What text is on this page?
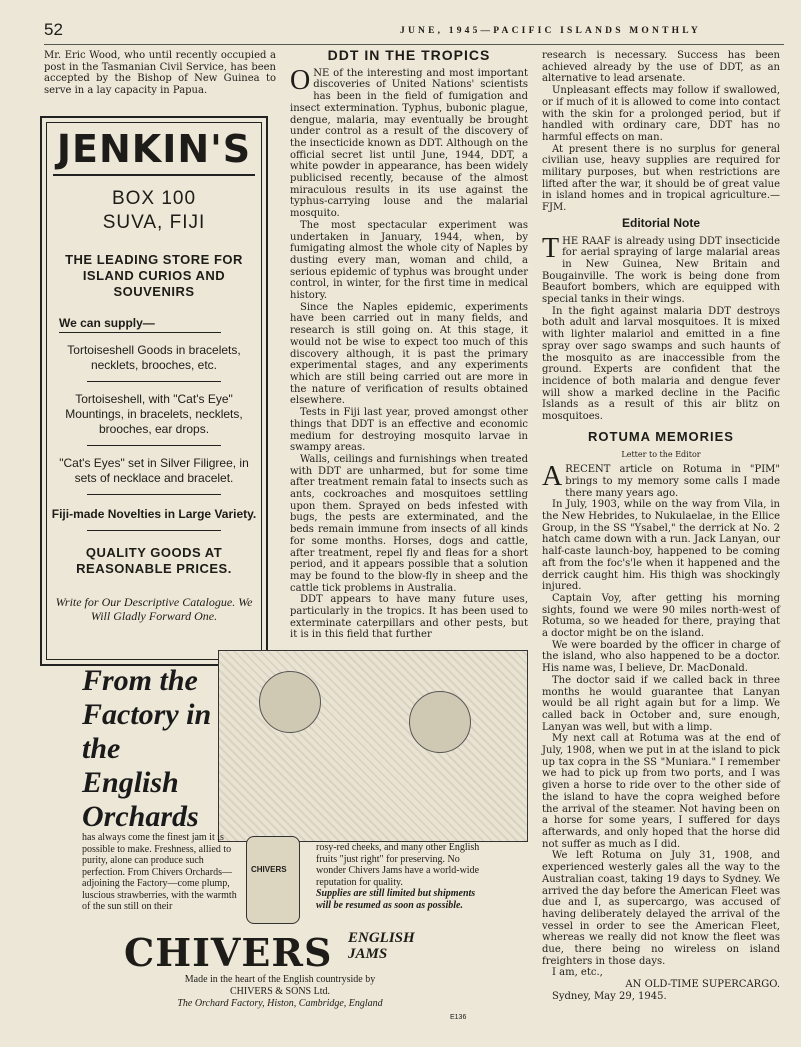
52	JUNE, 1945—PACIFIC ISLANDS MONTHLY

Mr. Eric Wood, who until recently occupied a post in the Tasmanian Civil Service, has been accepted by the Bishop of New Guinea to serve in a lay capacity in Papua.

JENKIN'S
BOX 100
SUVA, FIJI
THE LEADING STORE FOR ISLAND CURIOS AND SOUVENIRS
We can supply—
Tortoiseshell Goods in bracelets, necklets, brooches, etc.
Tortoiseshell, with "Cat's Eye" Mountings, in bracelets, necklets, brooches, ear drops.
"Cat's Eyes" set in Silver Filigree, in sets of necklace and bracelet.
Fiji-made Novelties in Large Variety.
QUALITY GOODS AT REASONABLE PRICES.
Write for Our Descriptive Catalogue. We Will Gladly Forward One.
DDT IN THE TROPICS

ONE of the interesting and most important discoveries of United Nations' scientists has been in the field of fumigation and insect extermination. Typhus, bubonic plague, dengue, malaria, may eventually be brought under control as a result of the discovery of the insecticide known as DDT. Although on the official secret list until June, 1944, DDT, a white powder in appearance, has been widely publicised recently, because of the almost miraculous results in its use against the typhus-carrying louse and the malarial mosquito.

The most spectacular experiment was undertaken in January, 1944, when, by fumigating almost the whole city of Naples by dusting every man, woman and child, a serious epidemic of typhus was brought under control, in winter, for the first time in medical history.

Since the Naples epidemic, experiments have been carried out in many fields, and research is still going on. At this stage, it would not be wise to expect too much of this discovery although, it is past the primary experimental stages, and any experiments which are still being carried out are more in the nature of verification of results obtained elsewhere.

Tests in Fiji last year, proved amongst other things that DDT is an effective and economic medium for destroying mosquito larvae in swampy areas.

Walls, ceilings and furnishings when treated with DDT are unharmed, but for some time after treatment remain fatal to insects such as ants, cockroaches and mosquitoes settling upon them. Sprayed on beds infested with bugs, the pests are exterminated, and the beds remain immune from insects of all kinds for some months. Horses, dogs and cattle, after treatment, repel fly and fleas for a short period, and it appears possible that a solution may be found to the blow-fly in sheep and the cattle tick problems in Australia.

DDT appears to have many future uses, particularly in the tropics. It has been used to exterminate caterpillars and other pests, but it is in this field that further

research is necessary. Success has been achieved already by the use of DDT, as an alternative to lead arsenate.

Unpleasant effects may follow if swallowed, or if much of it is allowed to come into contact with the skin for a prolonged period, but if handled with ordinary care, DDT has no harmful effects on man.

At present there is no surplus for general civilian use, heavy supplies are required for military purposes, but when restrictions are lifted after the war, it should be of great value in island homes and in tropical agriculture.—FJM.

Editorial Note

THE RAAF is already using DDT insecticide for aerial spraying of large malarial areas in New Guinea, New Britain and Bougainville. The work is being done from Beaufort bombers, which are equipped with special tanks in their wings.

In the fight against malaria DDT destroys both adult and larval mosquitoes. It is mixed with lighter malariol and emitted in a fine spray over sago swamps and such haunts of the mosquito as are inaccessible from the ground. Experts are confident that the incidence of both malaria and dengue fever will show a marked decline in the Pacific Islands as a result of this air blitz on mosquitoes.

ROTUMA MEMORIES
Letter to the Editor

ARECENT article on Rotuma in "PIM" brings to my memory some calls I made there many years ago.

In July, 1903, while on the way from Vila, in the New Hebrides, to Nukulaelae, in the Ellice Group, in the SS "Ysabel," the derrick at No. 2 hatch came down with a run. Jack Lanyan, our half-caste launch-boy, happened to be coming aft from the foc's'le when it happened and the derrick caught him. His thigh was shockingly injured.

Captain Voy, after getting his morning sights, found we were 90 miles north-west of Rotuma, so we headed for there, praying that a doctor might be on the island.

We were boarded by the officer in charge of the island, who also happened to be a doctor. His name was, I believe, Dr. MacDonald.

The doctor said if we called back in three months he would guarantee that Lanyan would be all right again but for a limp. We called back in October and, sure enough, Lanyan was well, but with a limp.

My next call at Rotuma was at the end of July, 1908, when we put in at the island to pick up tax copra in the SS "Muniara." I remember we had to pick up from two ports, and I was given a horse to ride over to the other side of the island to have the copra weighed before the arrival of the steamer. Not having been on a horse for some years, I suffered for days afterwards, and only hoped that the horse did not suffer as much as I did.

We left Rotuma on July 31, 1908, and experienced westerly gales all the way to the Australian coast, taking 19 days to Sydney. We arrived the day before the American Fleet was due and I, as supercargo, was accused of having deliberately delayed the arrival of the vessel in order to see the American Fleet, whereas we really did not know the fleet was due, there being no wireless on island freighters in those days.

I am, etc.,

AN OLD-TIME SUPERCARGO.

Sydney, May 29, 1945.

From the Factory in the English Orchards
has always come the finest jam it is possible to make. Freshness, allied to purity, alone can produce such perfection. From Chivers Orchards—adjoining the Factory—come plump, luscious strawberries, with the warmth of the sun still on their
CHIVERS
rosy-red cheeks, and many other English fruits "just right" for preserving. No wonder Chivers Jams have a world-wide reputation for quality.
Supplies are still limited but shipments will be resumed as soon as possible.
CHIVERS ENGLISH JAMS
Made in the heart of the English countryside by
CHIVERS & SONS Ltd.
The Orchard Factory, Histon, Cambridge, England
E136
